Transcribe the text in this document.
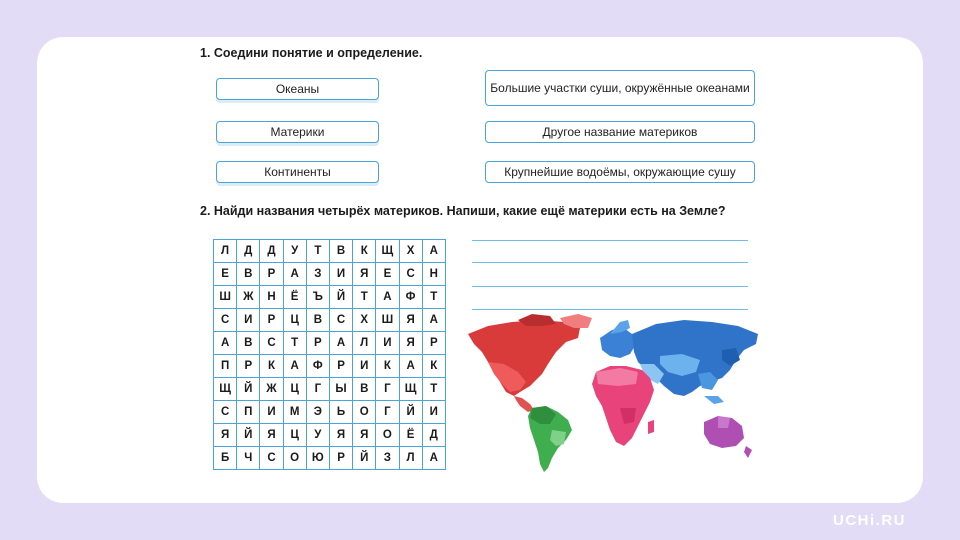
1. Соедини понятие и определение.
Океаны
Материки
Континенты
Большие участки суши, окружённые океанами
Другое название материков
Крупнейшие водоёмы, окружающие сушу
2. Найди названия четырёх материков. Напиши, какие ещё материки есть на Земле?
Л	Д	Д	У	Т	В	К	Щ	Х	А
Е	В	Р	А	З	И	Я	Е	С	Н
Ш	Ж	Н	Ё	Ъ	Й	Т	А	Ф	Т
С	И	Р	Ц	В	С	Х	Ш	Я	А
А	В	С	Т	Р	А	Л	И	Я	Р
П	Р	К	А	Ф	Р	И	К	А	К
Щ	Й	Ж	Ц	Г	Ы	В	Г	Щ	Т
С	П	И	М	Э	Ь	О	Г	Й	И
Я	Й	Я	Ц	У	Я	Я	О	Ё	Д
Б	Ч	С	О	Ю	Р	Й	З	Л	А
UCHi.RU
